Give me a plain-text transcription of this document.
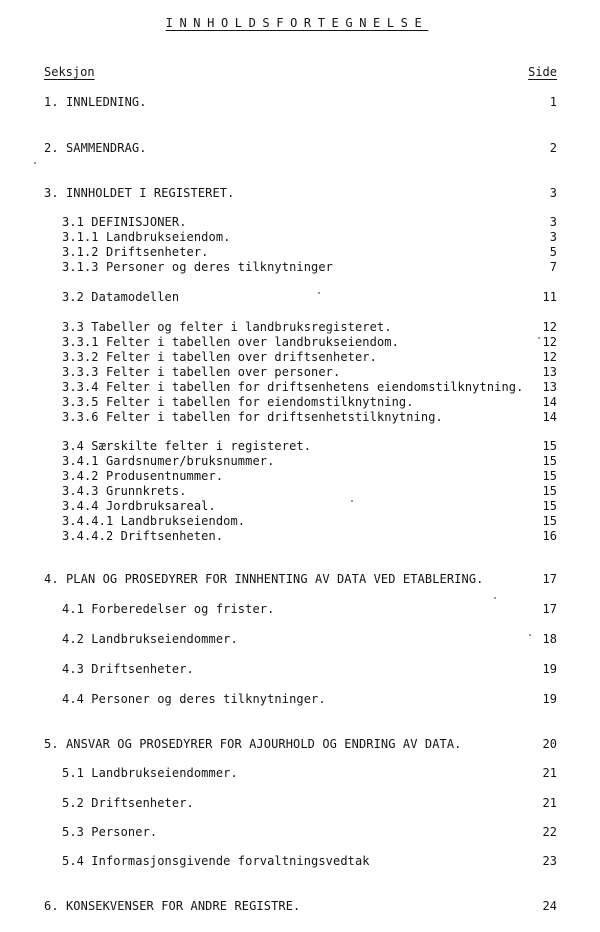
INNHOLDSFORTEGNELSE
Seksjon	Side
1. INNLEDNING.	1
2. SAMMENDRAG.	2
3. INNHOLDET I REGISTERET.	3
3.1 DEFINISJONER.	3
3.1.1 Landbrukseiendom.	3
3.1.2 Driftsenheter.	5
3.1.3 Personer og deres tilknytninger	7
3.2 Datamodellen	11
3.3 Tabeller og felter i landbruksregisteret.	12
3.3.1 Felter i tabellen over landbrukseiendom.	12
3.3.2 Felter i tabellen over driftsenheter.	12
3.3.3 Felter i tabellen over personer.	13
3.3.4 Felter i tabellen for driftsenhetens eiendomstilknytning. 13
3.3.5 Felter i tabellen for eiendomstilknytning.	14
3.3.6 Felter i tabellen for driftsenhetstilknytning.	14
3.4 Særskilte felter i registeret.	15
3.4.1 Gardsnumer/bruksnummer.	15
3.4.2 Produsentnummer.	15
3.4.3 Grunnkrets.	15
3.4.4 Jordbruksareal.	15
3.4.4.1 Landbrukseiendom.	15
3.4.4.2 Driftsenheten.	16
4. PLAN OG PROSEDYRER FOR INNHENTING AV DATA VED ETABLERING.	17
4.1 Forberedelser og frister.	17
4.2 Landbrukseiendommer.	18
4.3 Driftsenheter.	19
4.4 Personer og deres tilknytninger.	19
5. ANSVAR OG PROSEDYRER FOR AJOURHOLD OG ENDRING AV DATA.	20
5.1 Landbrukseiendommer.	21
5.2 Driftsenheter.	21
5.3 Personer.	22
5.4 Informasjonsgivende forvaltningsvedtak	23
6. KONSEKVENSER FOR ANDRE REGISTRE.	24
